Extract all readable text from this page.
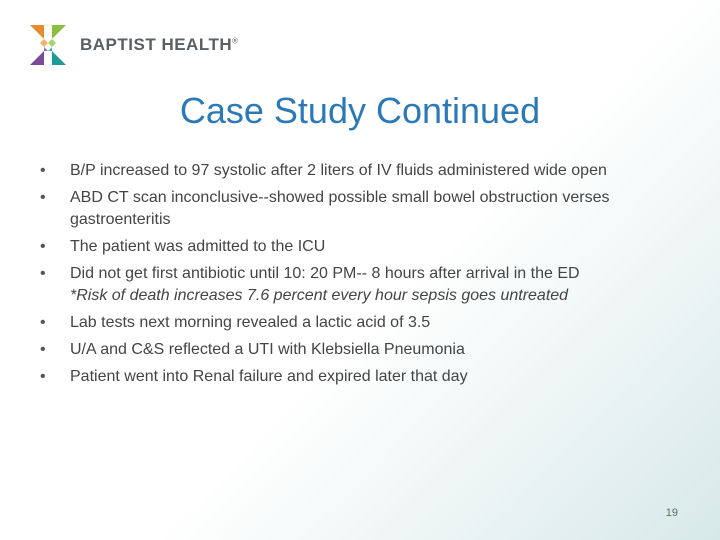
BAPTIST HEALTH®
Case Study Continued
• B/P increased to 97 systolic after 2 liters of IV fluids administered wide open
• ABD CT scan inconclusive--showed possible small bowel obstruction verses gastroenteritis
• The patient was admitted to the ICU
• Did not get first antibiotic until 10: 20 PM-- 8 hours after arrival in the ED
*Risk of death increases 7.6 percent every hour sepsis goes untreated
• Lab tests next morning revealed a lactic acid of 3.5
• U/A and C&S reflected a UTI with Klebsiella Pneumonia
• Patient went into Renal failure and expired later that day
19
